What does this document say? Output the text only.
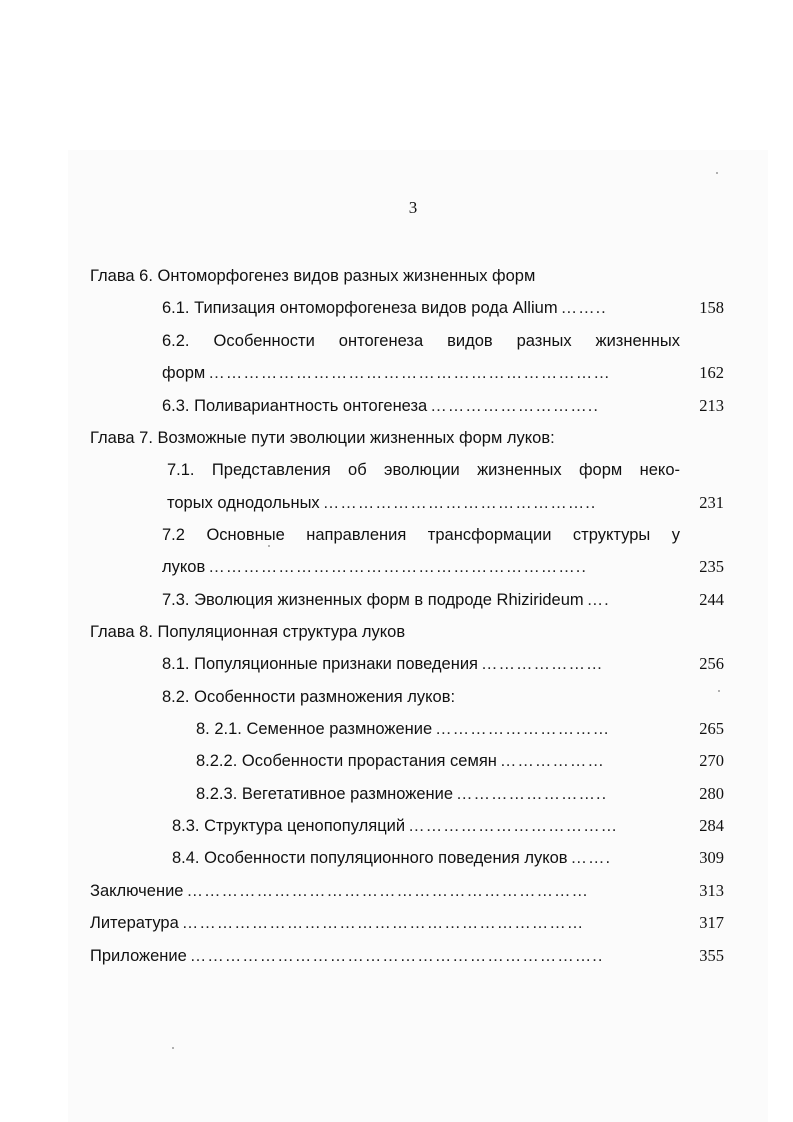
3
Глава 6. Онтоморфогенез видов разных жизненных форм
6.1. Типизация онтоморфогенеза видов рода Allium ……..	158
6.2. Особенности онтогенеза видов разных жизненных
форм ……………………………………………………………	162
6.3. Поливариантность онтогенеза ………………………..	213
Глава 7. Возможные пути эволюции жизненных форм луков:
7.1. Представления об эволюции жизненных форм неко-
торых однодольных ………………………………………..	231
7.2 Основные направления трансформации структуры у
луков ………………………………………………………..	235
7.3. Эволюция жизненных форм в подроде Rhizirideum ….	244
Глава 8. Популяционная структура луков
8.1. Популяционные признаки поведения …………………	256
8.2. Особенности размножения луков:
8. 2.1. Семенное размножение …………………………	265
8.2.2. Особенности прорастания семян ………………	270
8.2.3. Вегетативное размножение ……………………..	280
8.3. Структура ценопопуляций ………………………………	284
8.4. Особенности популяционного поведения луков …….	309
Заключение ……………………………………………………………	313
Литература ……………………………………………………………	317
Приложение ……………………………………………………………..	355
